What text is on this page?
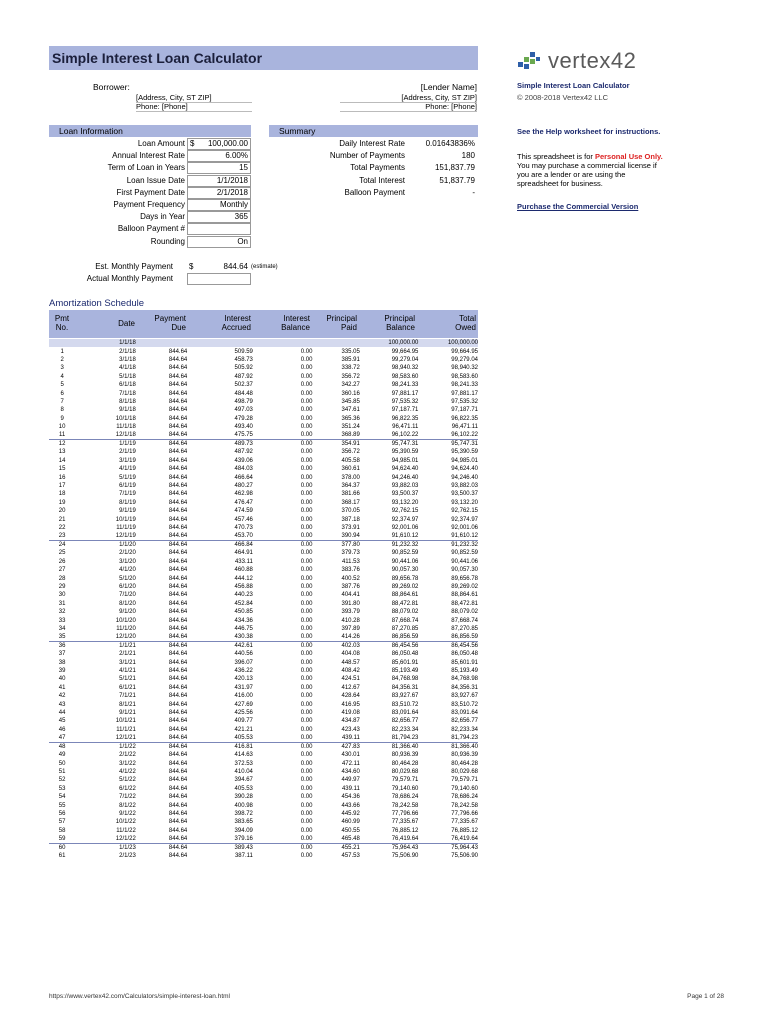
Simple Interest Loan Calculator	vertex42
Simple Interest Loan Calculator
© 2008-2018 Vertex42 LLC
See the Help worksheet for instructions.
This spreadsheet is for Personal Use Only.
You may purchase a commercial license if
you are a lender or are using the
spreadsheet for business.
Purchase the Commercial Version
Borrower:
[Address, City, ST ZIP]
Phone: [Phone]
[Lender Name]
[Address, City, ST ZIP]
Phone: [Phone]
Loan Information
Loan Amount $ 100,000.00
Annual Interest Rate	6.00%
Term of Loan in Years	15
Loan Issue Date	1/1/2018
First Payment Date	2/1/2018
Payment Frequency	Monthly
Days in Year	365
Balloon Payment #
Rounding	On
Summary
Daily Interest Rate	0.01643836%
Number of Payments	180
Total Payments	151,837.79
Total Interest	51,837.79
Balloon Payment	-
Est. Monthly Payment $	844.64 (estimate)
Actual Monthly Payment
Amortization Schedule
Pmt
No.	Date
Payment
Due
Interest
Accrued
Interest
Balance
Principal
Paid
Principal
Balance
Total
Owed
	1/1/18					100,000.00	100,000.00
1	2/1/18	844.64	509.59	0.00	335.05	99,664.95	99,664.95
2	3/1/18	844.64	458.73	0.00	385.91	99,279.04	99,279.04
3	4/1/18	844.64	505.92	0.00	338.72	98,940.32	98,940.32
4	5/1/18	844.64	487.92	0.00	356.72	98,583.60	98,583.60
5	6/1/18	844.64	502.37	0.00	342.27	98,241.33	98,241.33
6	7/1/18	844.64	484.48	0.00	360.16	97,881.17	97,881.17
7	8/1/18	844.64	498.79	0.00	345.85	97,535.32	97,535.32
8	9/1/18	844.64	497.03	0.00	347.61	97,187.71	97,187.71
9	10/1/18	844.64	479.28	0.00	365.36	96,822.35	96,822.35
10	11/1/18	844.64	493.40	0.00	351.24	96,471.11	96,471.11
11	12/1/18	844.64	475.75	0.00	368.89	96,102.22	96,102.22
12	1/1/19	844.64	489.73	0.00	354.91	95,747.31	95,747.31
13	2/1/19	844.64	487.92	0.00	356.72	95,390.59	95,390.59
14	3/1/19	844.64	439.06	0.00	405.58	94,985.01	94,985.01
15	4/1/19	844.64	484.03	0.00	360.61	94,624.40	94,624.40
16	5/1/19	844.64	466.64	0.00	378.00	94,246.40	94,246.40
17	6/1/19	844.64	480.27	0.00	364.37	93,882.03	93,882.03
18	7/1/19	844.64	462.98	0.00	381.66	93,500.37	93,500.37
19	8/1/19	844.64	476.47	0.00	368.17	93,132.20	93,132.20
20	9/1/19	844.64	474.59	0.00	370.05	92,762.15	92,762.15
21	10/1/19	844.64	457.46	0.00	387.18	92,374.97	92,374.97
22	11/1/19	844.64	470.73	0.00	373.91	92,001.06	92,001.06
23	12/1/19	844.64	453.70	0.00	390.94	91,610.12	91,610.12
24	1/1/20	844.64	466.84	0.00	377.80	91,232.32	91,232.32
25	2/1/20	844.64	464.91	0.00	379.73	90,852.59	90,852.59
26	3/1/20	844.64	433.11	0.00	411.53	90,441.06	90,441.06
27	4/1/20	844.64	460.88	0.00	383.76	90,057.30	90,057.30
28	5/1/20	844.64	444.12	0.00	400.52	89,656.78	89,656.78
29	6/1/20	844.64	456.88	0.00	387.76	89,269.02	89,269.02
30	7/1/20	844.64	440.23	0.00	404.41	88,864.61	88,864.61
31	8/1/20	844.64	452.84	0.00	391.80	88,472.81	88,472.81
32	9/1/20	844.64	450.85	0.00	393.79	88,079.02	88,079.02
33	10/1/20	844.64	434.36	0.00	410.28	87,668.74	87,668.74
34	11/1/20	844.64	446.75	0.00	397.89	87,270.85	87,270.85
35	12/1/20	844.64	430.38	0.00	414.26	86,856.59	86,856.59
36	1/1/21	844.64	442.61	0.00	402.03	86,454.56	86,454.56
37	2/1/21	844.64	440.56	0.00	404.08	86,050.48	86,050.48
38	3/1/21	844.64	396.07	0.00	448.57	85,601.91	85,601.91
39	4/1/21	844.64	436.22	0.00	408.42	85,193.49	85,193.49
40	5/1/21	844.64	420.13	0.00	424.51	84,768.98	84,768.98
41	6/1/21	844.64	431.97	0.00	412.67	84,356.31	84,356.31
42	7/1/21	844.64	416.00	0.00	428.64	83,927.67	83,927.67
43	8/1/21	844.64	427.69	0.00	416.95	83,510.72	83,510.72
44	9/1/21	844.64	425.56	0.00	419.08	83,091.64	83,091.64
45	10/1/21	844.64	409.77	0.00	434.87	82,656.77	82,656.77
46	11/1/21	844.64	421.21	0.00	423.43	82,233.34	82,233.34
47	12/1/21	844.64	405.53	0.00	439.11	81,794.23	81,794.23
48	1/1/22	844.64	416.81	0.00	427.83	81,366.40	81,366.40
49	2/1/22	844.64	414.63	0.00	430.01	80,936.39	80,936.39
50	3/1/22	844.64	372.53	0.00	472.11	80,464.28	80,464.28
51	4/1/22	844.64	410.04	0.00	434.60	80,029.68	80,029.68
52	5/1/22	844.64	394.67	0.00	449.97	79,579.71	79,579.71
53	6/1/22	844.64	405.53	0.00	439.11	79,140.60	79,140.60
54	7/1/22	844.64	390.28	0.00	454.36	78,686.24	78,686.24
55	8/1/22	844.64	400.98	0.00	443.66	78,242.58	78,242.58
56	9/1/22	844.64	398.72	0.00	445.92	77,796.66	77,796.66
57	10/1/22	844.64	383.65	0.00	460.99	77,335.67	77,335.67
58	11/1/22	844.64	394.09	0.00	450.55	76,885.12	76,885.12
59	12/1/22	844.64	379.16	0.00	465.48	76,419.64	76,419.64
60	1/1/23	844.64	389.43	0.00	455.21	75,964.43	75,964.43
61	2/1/23	844.64	387.11	0.00	457.53	75,506.90	75,506.90
https://www.vertex42.com/Calculators/simple-interest-loan.html	Page 1 of 28
